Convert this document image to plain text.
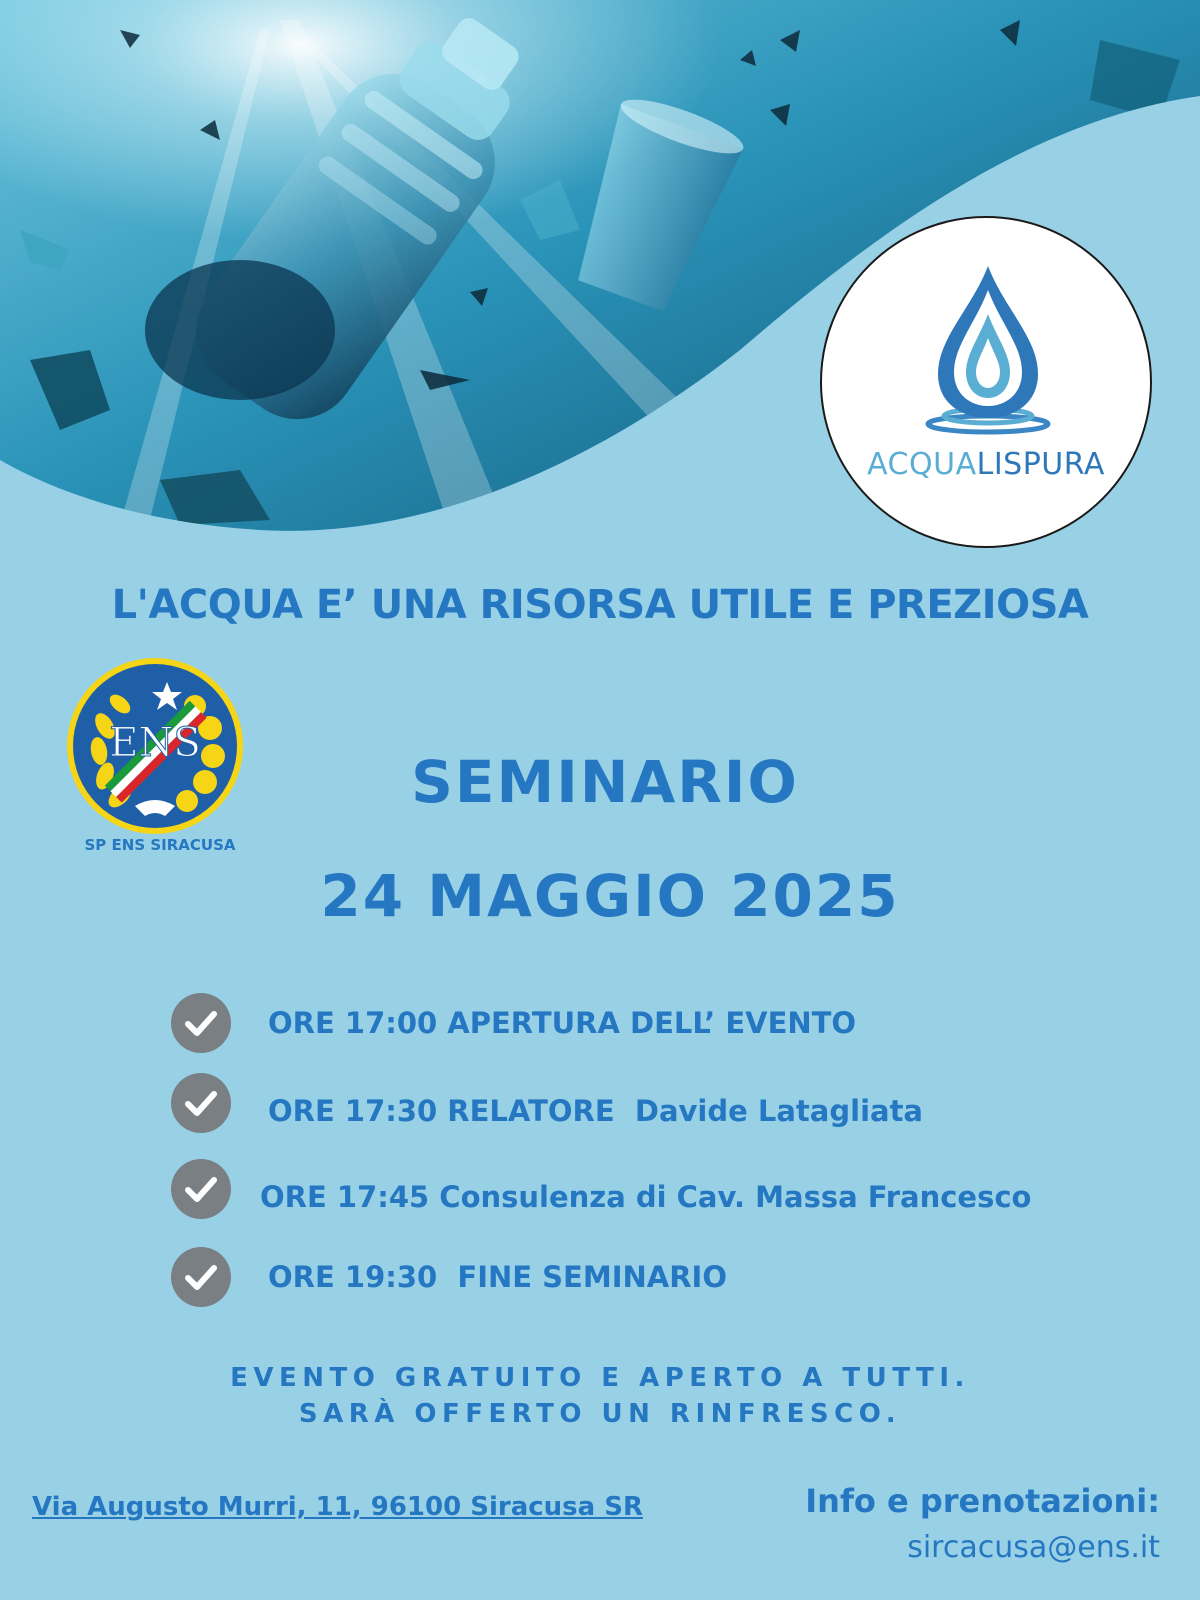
ACQUALISPURA
L'ACQUA E’ UNA RISORSA UTILE E PREZIOSA
ENS
SP ENS SIRACUSA
SEMINARIO
24 MAGGIO 2025
ORE 17:00 APERTURA DELL’ EVENTO
ORE 17:30 RELATORE  Davide Latagliata
ORE 17:45 Consulenza di Cav. Massa Francesco
ORE 19:30  FINE SEMINARIO
EVENTO GRATUITO E APERTO A TUTTI.
SARÀ OFFERTO UN RINFRESCO.
Via Augusto Murri, 11, 96100 Siracusa SR	Info e prenotazioni:
sircacusa@ens.it
